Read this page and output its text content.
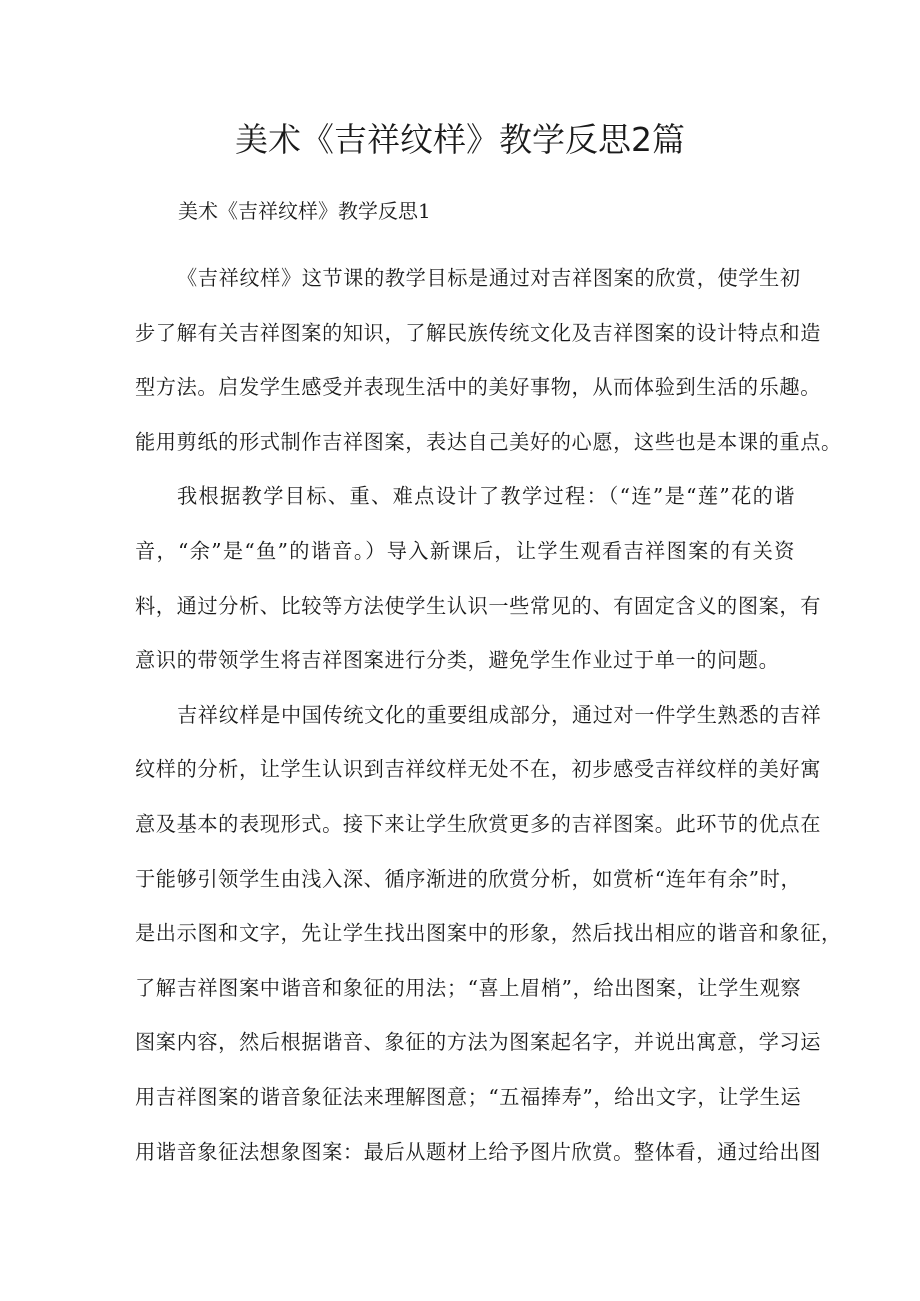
美术《吉祥纹样》教学反思2篇

美术《吉祥纹样》教学反思1

《吉祥纹样》这节课的教学目标是通过对吉祥图案的欣赏，使学生初
步了解有关吉祥图案的知识，了解民族传统文化及吉祥图案的设计特点和造
型方法。启发学生感受并表现生活中的美好事物，从而体验到生活的乐趣。
能用剪纸的形式制作吉祥图案，表达自己美好的心愿，这些也是本课的重点。
我根据教学目标、重、难点设计了教学过程：（“连”是“莲”花的谐
音，“余”是“鱼”的谐音。）导入新课后，让学生观看吉祥图案的有关资
料，通过分析、比较等方法使学生认识一些常见的、有固定含义的图案，有
意识的带领学生将吉祥图案进行分类，避免学生作业过于单一的问题。
吉祥纹样是中国传统文化的重要组成部分，通过对一件学生熟悉的吉祥
纹样的分析，让学生认识到吉祥纹样无处不在，初步感受吉祥纹样的美好寓
意及基本的表现形式。接下来让学生欣赏更多的吉祥图案。此环节的优点在
于能够引领学生由浅入深、循序渐进的欣赏分析，如赏析“连年有余”时，
是出示图和文字，先让学生找出图案中的形象，然后找出相应的谐音和象征，
了解吉祥图案中谐音和象征的用法；“喜上眉梢”，给出图案，让学生观察
图案内容，然后根据谐音、象征的方法为图案起名字，并说出寓意，学习运
用吉祥图案的谐音象征法来理解图意；“五福捧寿”，给出文字，让学生运
用谐音象征法想象图案：最后从题材上给予图片欣赏。整体看，通过给出图
